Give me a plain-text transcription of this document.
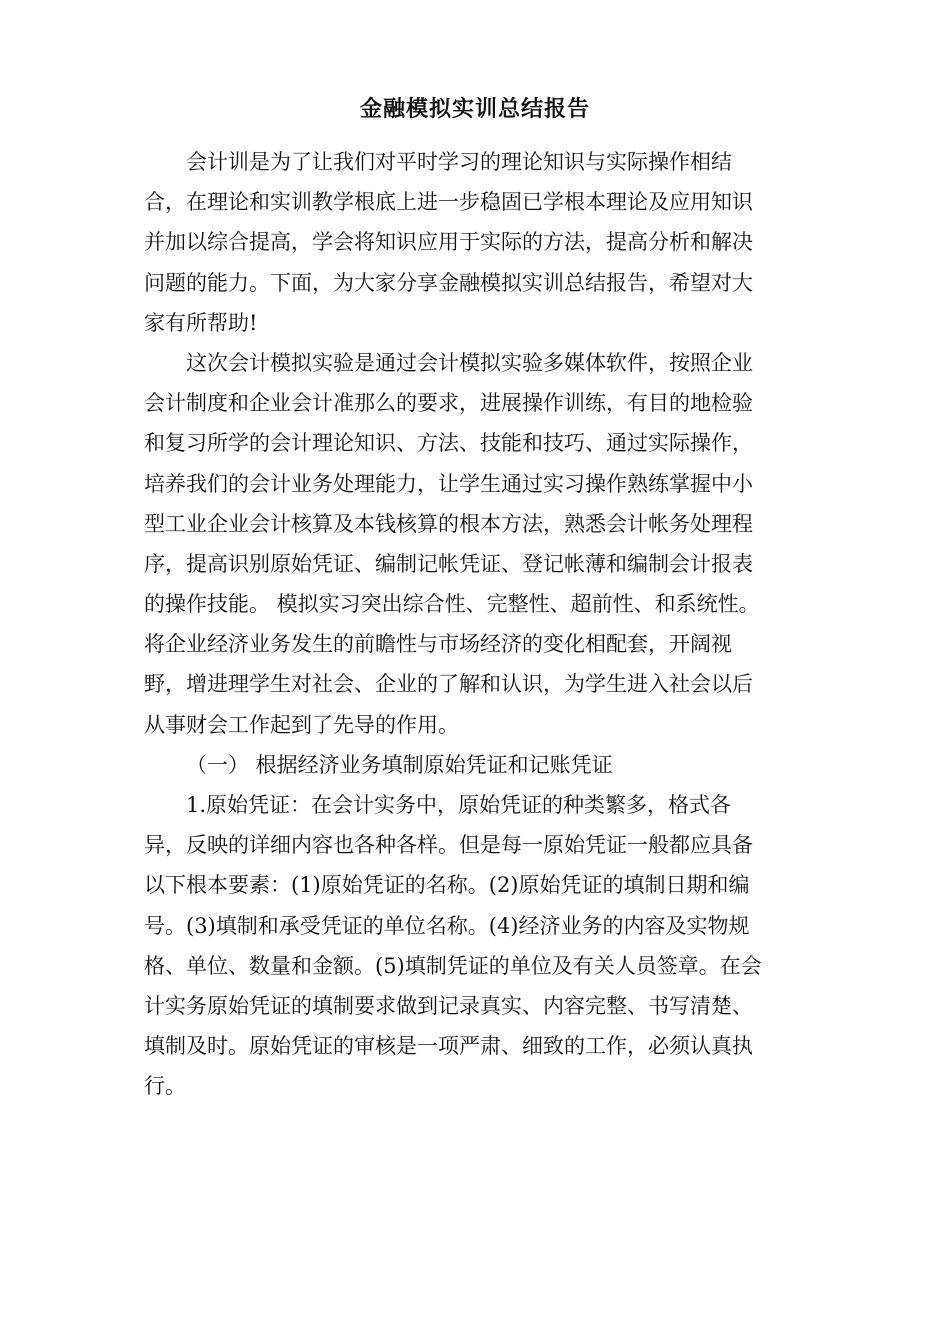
金融模拟实训总结报告
会计训是为了让我们对平时学习的理论知识与实际操作相结
合，在理论和实训教学根底上进一步稳固已学根本理论及应用知识
并加以综合提高，学会将知识应用于实际的方法，提高分析和解决
问题的能力。下面，为大家分享金融模拟实训总结报告，希望对大
家有所帮助!
这次会计模拟实验是通过会计模拟实验多媒体软件，按照企业
会计制度和企业会计准那么的要求，进展操作训练，有目的地检验
和复习所学的会计理论知识、方法、技能和技巧、通过实际操作，
培养我们的会计业务处理能力，让学生通过实习操作熟练掌握中小
型工业企业会计核算及本钱核算的根本方法，熟悉会计帐务处理程
序，提高识别原始凭证、编制记帐凭证、登记帐薄和编制会计报表
的操作技能。 模拟实习突出综合性、完整性、超前性、和系统性。
将企业经济业务发生的前瞻性与市场经济的变化相配套，开阔视
野，增进理学生对社会、企业的了解和认识，为学生进入社会以后
从事财会工作起到了先导的作用。
（一） 根据经济业务填制原始凭证和记账凭证
1.原始凭证：在会计实务中，原始凭证的种类繁多，格式各
异，反映的详细内容也各种各样。但是每一原始凭证一般都应具备
以下根本要素：(1)原始凭证的名称。(2)原始凭证的填制日期和编
号。(3)填制和承受凭证的单位名称。(4)经济业务的内容及实物规
格、单位、数量和金额。(5)填制凭证的单位及有关人员签章。在会
计实务原始凭证的填制要求做到记录真实、内容完整、书写清楚、
填制及时。原始凭证的审核是一项严肃、细致的工作，必须认真执
行。
